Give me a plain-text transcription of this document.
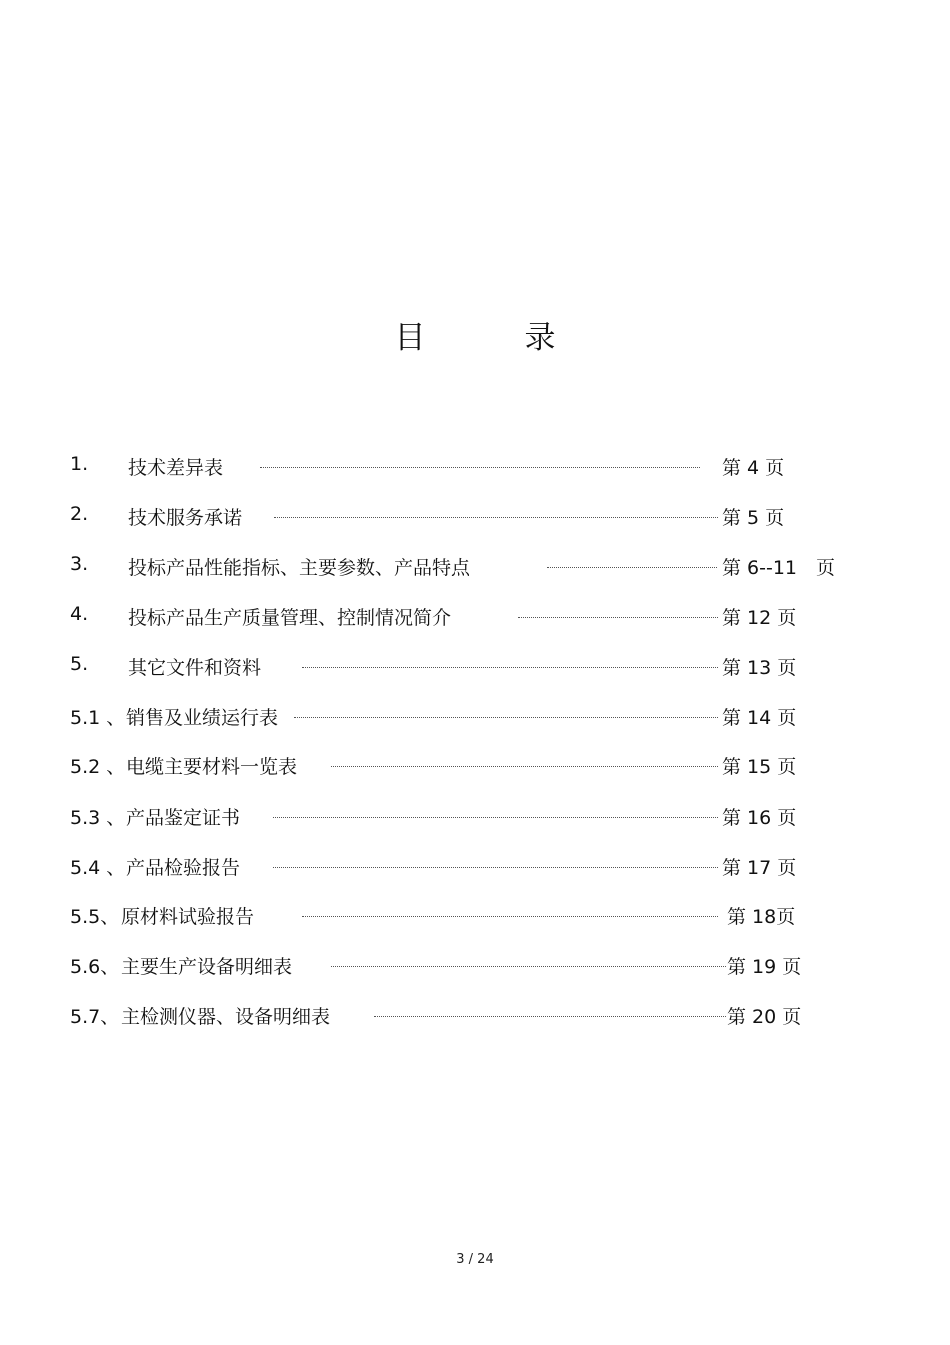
目　录
1. 技术差异表	第 4 页
2. 技术服务承诺	第 5 页
3. 投标产品性能指标、主要参数、产品特点	第 6--11　页
4. 投标产品生产质量管理、控制情况简介	第 12 页
5. 其它文件和资料	第 13 页
5.1 、 销售及业绩运行表	第 14 页
5.2 、 电缆主要材料一览表	第 15 页
5.3 、 产品鉴定证书	第 16 页
5.4 、 产品检验报告	第 17 页
5.5、 原材料试验报告	第 18页
5.6、 主要生产设备明细表	第 19 页
5.7、 主检测仪器、设备明细表	第 20 页
3 / 24
